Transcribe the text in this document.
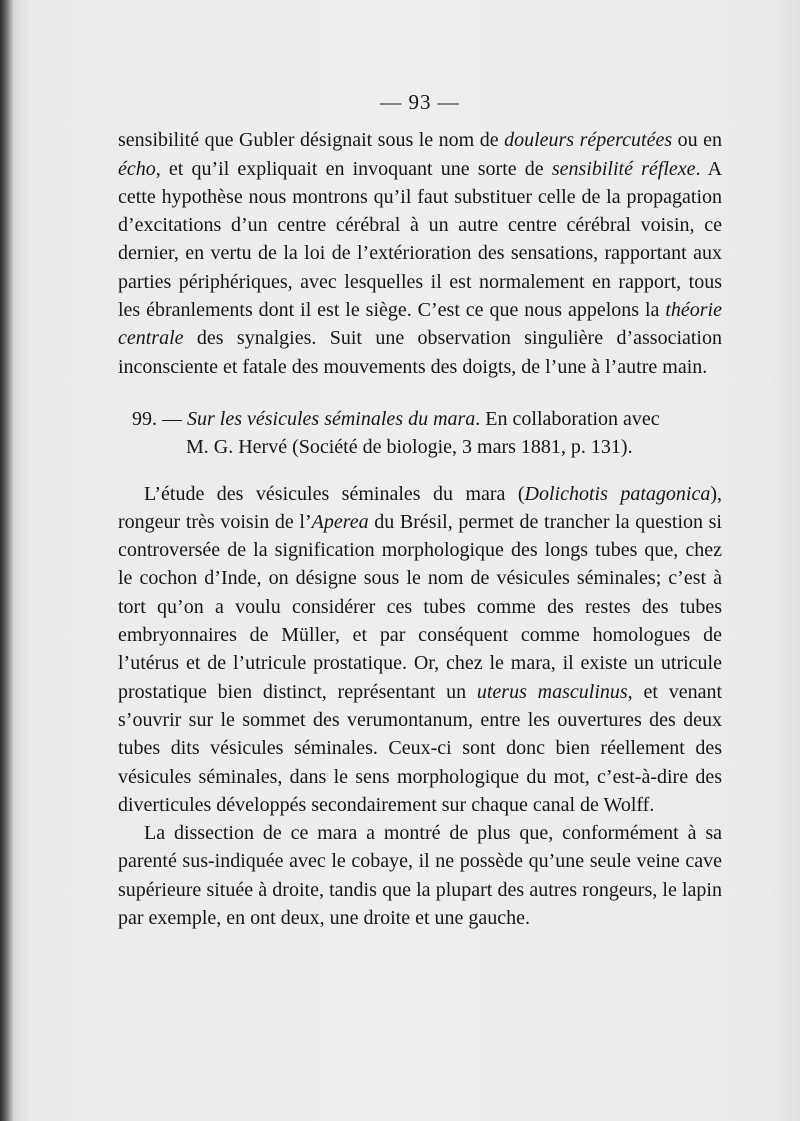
— 93 —

sensibilité que Gubler désignait sous le nom de douleurs répercutées ou en écho, et qu’il expliquait en invoquant une sorte de sensibilité réflexe. A cette hypothèse nous montrons qu’il faut substituer celle de la propagation d’excitations d’un centre cérébral à un autre centre cérébral voisin, ce dernier, en vertu de la loi de l’extérioration des sensations, rapportant aux parties périphériques, avec lesquelles il est normalement en rapport, tous les ébranlements dont il est le siège. C’est ce que nous appelons la théorie centrale des synalgies. Suit une observation singulière d’association inconsciente et fatale des mouvements des doigts, de l’une à l’autre main.

99. — Sur les vésicules séminales du mara. En collaboration avec
M. G. Hervé (Société de biologie, 3 mars 1881, p. 131).

L’étude des vésicules séminales du mara (Dolichotis patagonica), rongeur très voisin de l’Aperea du Brésil, permet de trancher la question si controversée de la signification morphologique des longs tubes que, chez le cochon d’Inde, on désigne sous le nom de vésicules séminales; c’est à tort qu’on a voulu considérer ces tubes comme des restes des tubes embryonnaires de Müller, et par conséquent comme homologues de l’utérus et de l’utricule prostatique. Or, chez le mara, il existe un utricule prostatique bien distinct, représentant un uterus masculinus, et venant s’ouvrir sur le sommet des verumontanum, entre les ouvertures des deux tubes dits vésicules séminales. Ceux-ci sont donc bien réellement des vésicules séminales, dans le sens morphologique du mot, c’est-à-dire des diverticules développés secondairement sur chaque canal de Wolff.

La dissection de ce mara a montré de plus que, conformément à sa parenté sus-indiquée avec le cobaye, il ne possède qu’une seule veine cave supérieure située à droite, tandis que la plupart des autres rongeurs, le lapin par exemple, en ont deux, une droite et une gauche.
